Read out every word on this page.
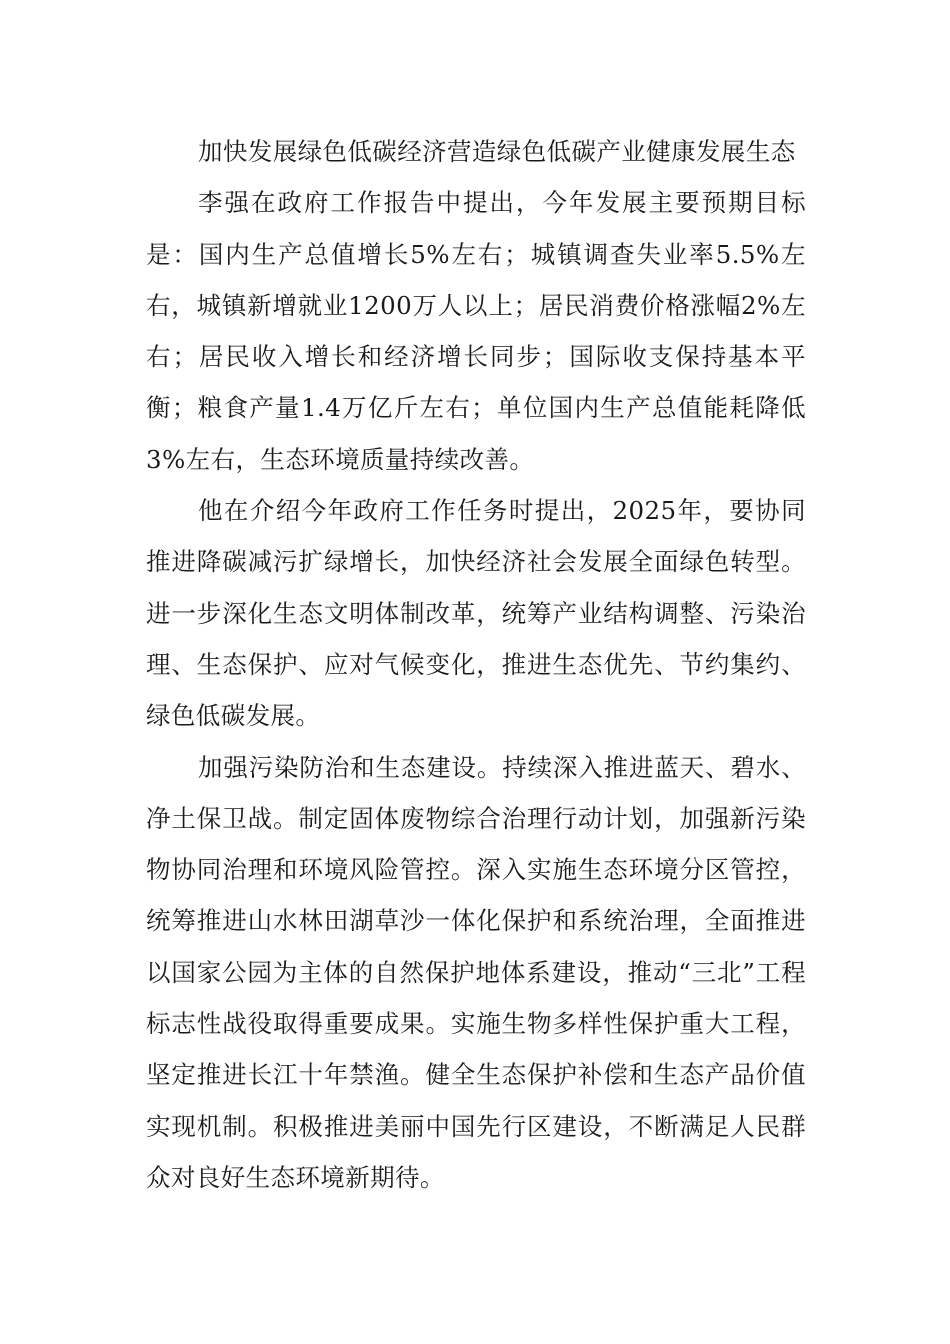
加快发展绿色低碳经济营造绿色低碳产业健康发展生态

李强在政府工作报告中提出，今年发展主要预期目标是：国内生产总值增长5%左右；城镇调查失业率5.5%左右，城镇新增就业1200万人以上；居民消费价格涨幅2%左右；居民收入增长和经济增长同步；国际收支保持基本平衡；粮食产量1.4万亿斤左右；单位国内生产总值能耗降低3%左右，生态环境质量持续改善。

他在介绍今年政府工作任务时提出，2025年，要协同推进降碳减污扩绿增长，加快经济社会发展全面绿色转型。进一步深化生态文明体制改革，统筹产业结构调整、污染治理、生态保护、应对气候变化，推进生态优先、节约集约、绿色低碳发展。

加强污染防治和生态建设。持续深入推进蓝天、碧水、净土保卫战。制定固体废物综合治理行动计划，加强新污染物协同治理和环境风险管控。深入实施生态环境分区管控，统筹推进山水林田湖草沙一体化保护和系统治理，全面推进以国家公园为主体的自然保护地体系建设，推动“三北”工程标志性战役取得重要成果。实施生物多样性保护重大工程，坚定推进长江十年禁渔。健全生态保护补偿和生态产品价值实现机制。积极推进美丽中国先行区建设，不断满足人民群众对良好生态环境新期待。
